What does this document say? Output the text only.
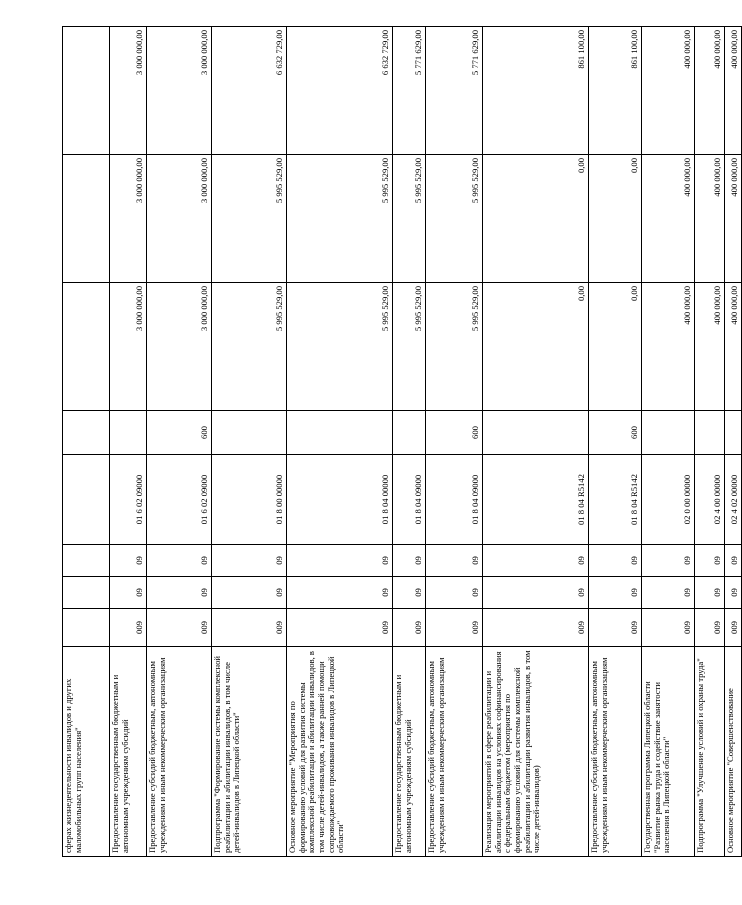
сферах жизнедеятельности инвалидов и других маломобильных групп населения"								
Предоставление государственным бюджетным и автономным учреждениям субсидий	009	09	09	01 6 02 09000		3 000 000,00	3 000 000,00	3 000 000,00
Предоставление субсидий бюджетным, автономным учреждениям и иным некоммерческим организациям	009	09	09	01 6 02 09000	600	3 000 000,00	3 000 000,00	3 000 000,00
Подпрограмма "Формирование системы комплексной реабилитации и абилитации инвалидов, в том числе детей-инвалидов в Липецкой области"	009	09	09	01 8 00 00000		5 995 529,00	5 995 529,00	6 632 729,00
Основное мероприятие "Мероприятия по формированию условий для развития системы комплексной реабилитации и абилитации инвалидов, в том числе детей-инвалидов, а также ранней помощи сопровождаемого проживания инвалидов в Липецкой области"	009	09	09	01 8 04 00000		5 995 529,00	5 995 529,00	6 632 729,00
Предоставление государственным бюджетным и автономным учреждениям субсидий	009	09	09	01 8 04 09000		5 995 529,00	5 995 529,00	5 771 629,00
Предоставление субсидий бюджетным, автономным учреждениям и иным некоммерческим организациям	009	09	09	01 8 04 09000	600	5 995 529,00	5 995 529,00	5 771 629,00
Реализация мероприятий в сфере реабилитации и абилитации инвалидов на условиях софинансирования с федеральным бюджетом (мероприятия по формированию условий для системы комплексной реабилитации и абилитации развития инвалидов, в том числе детей-инвалидов)	009	09	09	01 8 04 R5142		0,00	0,00	861 100,00
Предоставление субсидий бюджетным, автономным учреждениям и иным некоммерческим организациям	009	09	09	01 8 04 R5142	600	0,00	0,00	861 100,00
Государственная программа Липецкой области "Развитие рынка труда и содействие занятости населения в Липецкой области"	009	09	09	02 0 00 00000		400 000,00	400 000,00	400 000,00
Подпрограмма "Улучшение условий и охраны труда"	009	09	09	02 4 00 00000		400 000,00	400 000,00	400 000,00
Основное мероприятие "Совершенствование	009	09	09	02 4 02 00000		400 000,00	400 000,00	400 000,00
